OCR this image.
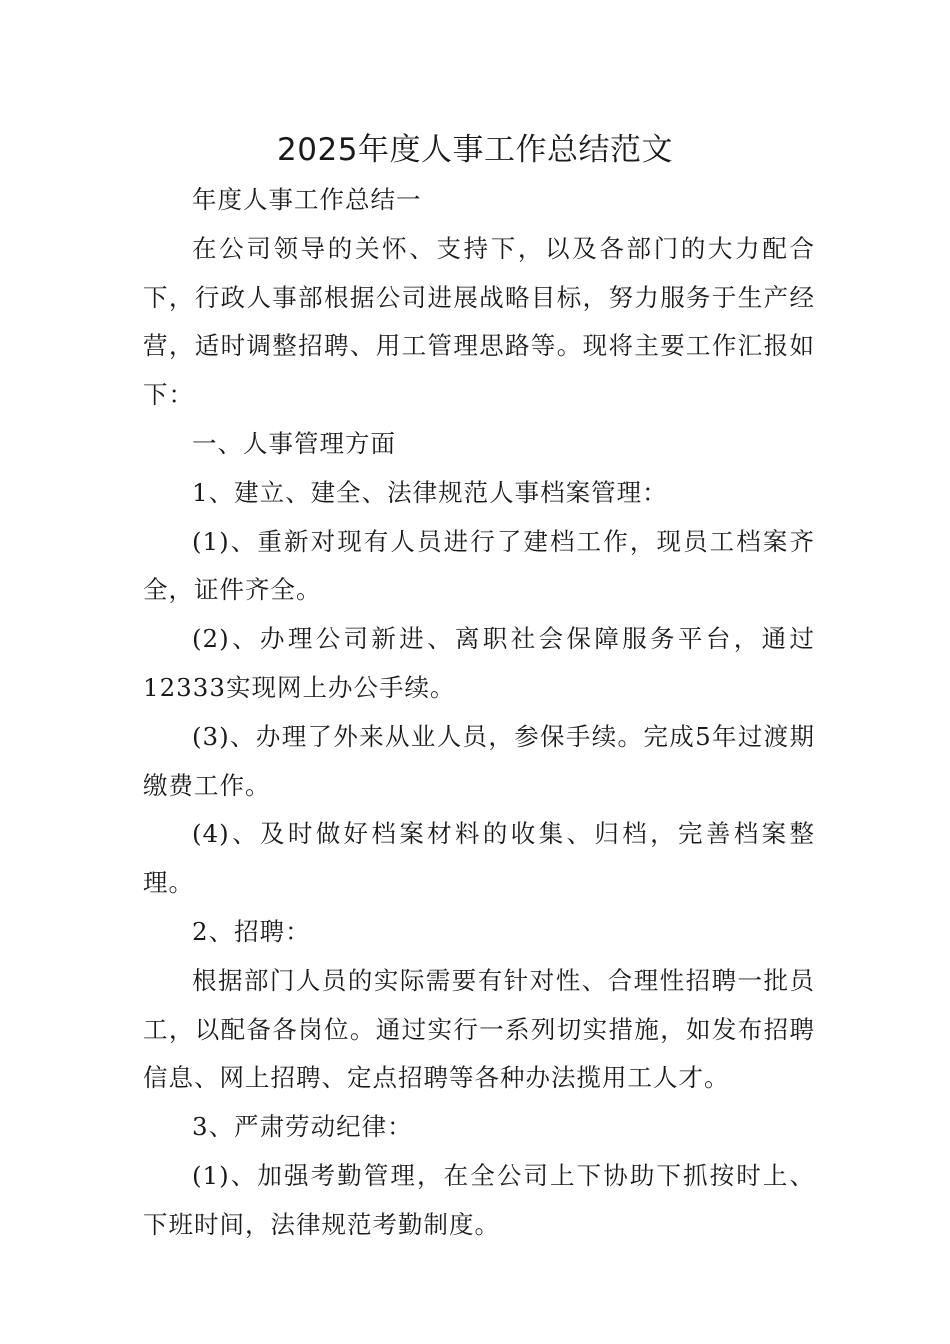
2025年度人事工作总结范文

年度人事工作总结一

在公司领导的关怀、支持下，以及各部门的大力配合下，行政人事部根据公司进展战略目标，努力服务于生产经营，适时调整招聘、用工管理思路等。现将主要工作汇报如下：

一、人事管理方面

1、建立、建全、法律规范人事档案管理：

(1)、重新对现有人员进行了建档工作，现员工档案齐全，证件齐全。

(2)、办理公司新进、离职社会保障服务平台，通过12333实现网上办公手续。

(3)、办理了外来从业人员，参保手续。完成5年过渡期缴费工作。

(4)、及时做好档案材料的收集、归档，完善档案整理。

2、招聘：

根据部门人员的实际需要有针对性、合理性招聘一批员工，以配备各岗位。通过实行一系列切实措施，如发布招聘信息、网上招聘、定点招聘等各种办法揽用工人才。

3、严肃劳动纪律：

(1)、加强考勤管理，在全公司上下协助下抓按时上、下班时间，法律规范考勤制度。
